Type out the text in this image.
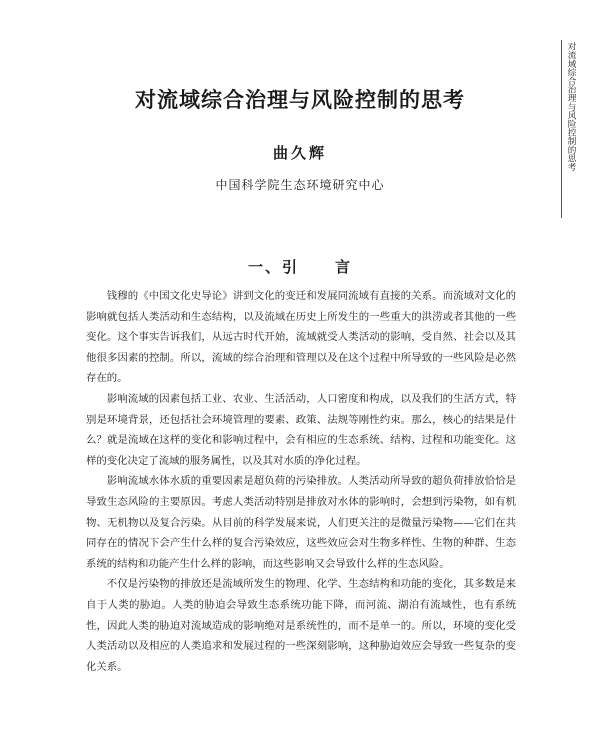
对流域综合治理与风险控制的思考
曲久辉
中国科学院生态环境研究中心
一、引 言

钱穆的《中国文化史导论》讲到文化的变迁和发展同流域有直接的关系。而流域对文化的影响就包括人类活动和生态结构，以及流域在历史上所发生的一些重大的洪涝或者其他的一些变化。这个事实告诉我们，从远古时代开始，流域就受人类活动的影响，受自然、社会以及其他很多因素的控制。所以，流域的综合治理和管理以及在这个过程中所导致的一些风险是必然存在的。

影响流域的因素包括工业、农业、生活活动，人口密度和构成，以及我们的生活方式，特别是环境背景，还包括社会环境管理的要素、政策、法规等刚性约束。那么，核心的结果是什么？就是流域在这样的变化和影响过程中，会有相应的生态系统、结构、过程和功能变化。这样的变化决定了流域的服务属性，以及其对水质的净化过程。

影响流域水体水质的重要因素是超负荷的污染排放。人类活动所导致的超负荷排放恰恰是导致生态风险的主要原因。考虑人类活动特别是排放对水体的影响时，会想到污染物，如有机物、无机物以及复合污染。从目前的科学发展来说，人们更关注的是微量污染物——它们在共同存在的情况下会产生什么样的复合污染效应，这些效应会对生物多样性、生物的种群、生态系统的结构和功能产生什么样的影响，而这些影响又会导致什么样的生态风险。

不仅是污染物的排放还是流域所发生的物理、化学、生态结构和功能的变化，其多数是来自于人类的胁迫。人类的胁迫会导致生态系统功能下降，而河流、湖泊有流域性，也有系统性，因此人类的胁迫对流域造成的影响绝对是系统性的，而不是单一的。所以，环境的变化受人类活动以及相应的人类追求和发展过程的一些深刻影响，这种胁迫效应会导致一些复杂的变化关系。

对流域综合治理与风险控制的思考
